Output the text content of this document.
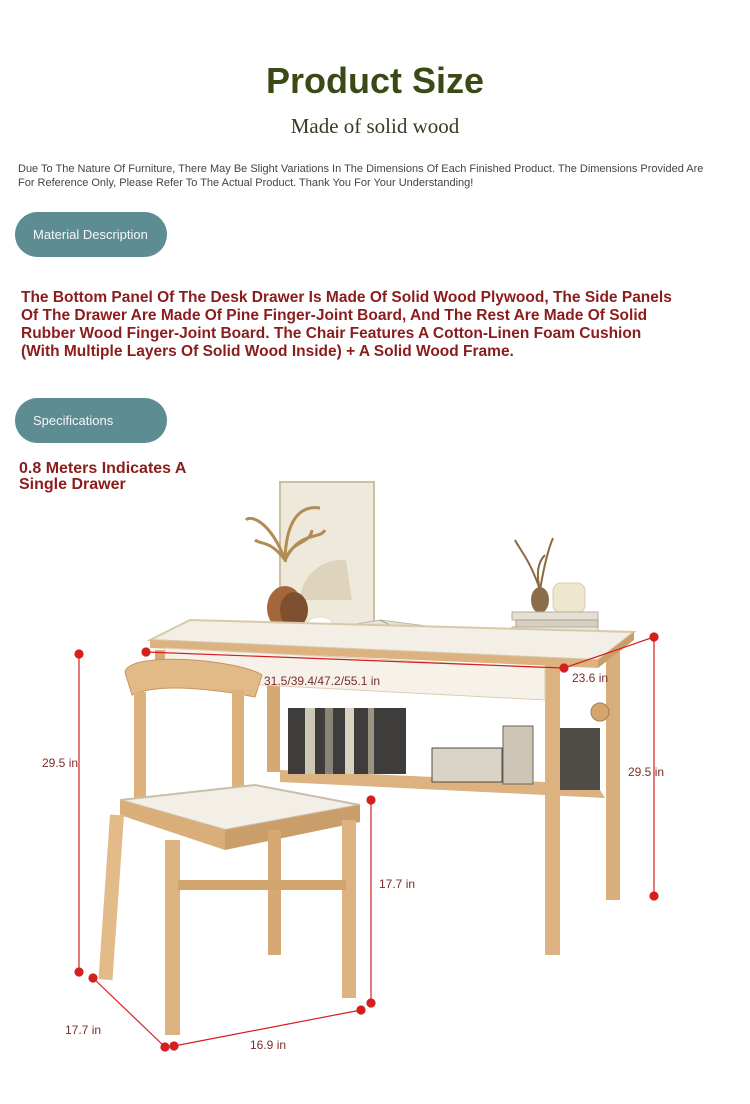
Product Size
Made of solid wood
Due To The Nature Of Furniture, There May Be Slight Variations In The Dimensions Of Each Finished Product. The Dimensions Provided Are For Reference Only, Please Refer To The Actual Product. Thank You For Your Understanding!
Material Description
The Bottom Panel Of The Desk Drawer Is Made Of Solid Wood Plywood, The Side Panels Of The Drawer Are Made Of Pine Finger-Joint Board, And The Rest Are Made Of Solid Rubber Wood Finger-Joint Board. The Chair Features A Cotton-Linen Foam Cushion (With Multiple Layers Of Solid Wood Inside) + A Solid Wood Frame.
Specifications
0.8 Meters Indicates A Single Drawer
31.5/39.4/47.2/55.1 in	23.6 in
29.5 in
29.5 in
17.7 in
17.7 in
16.9 in
